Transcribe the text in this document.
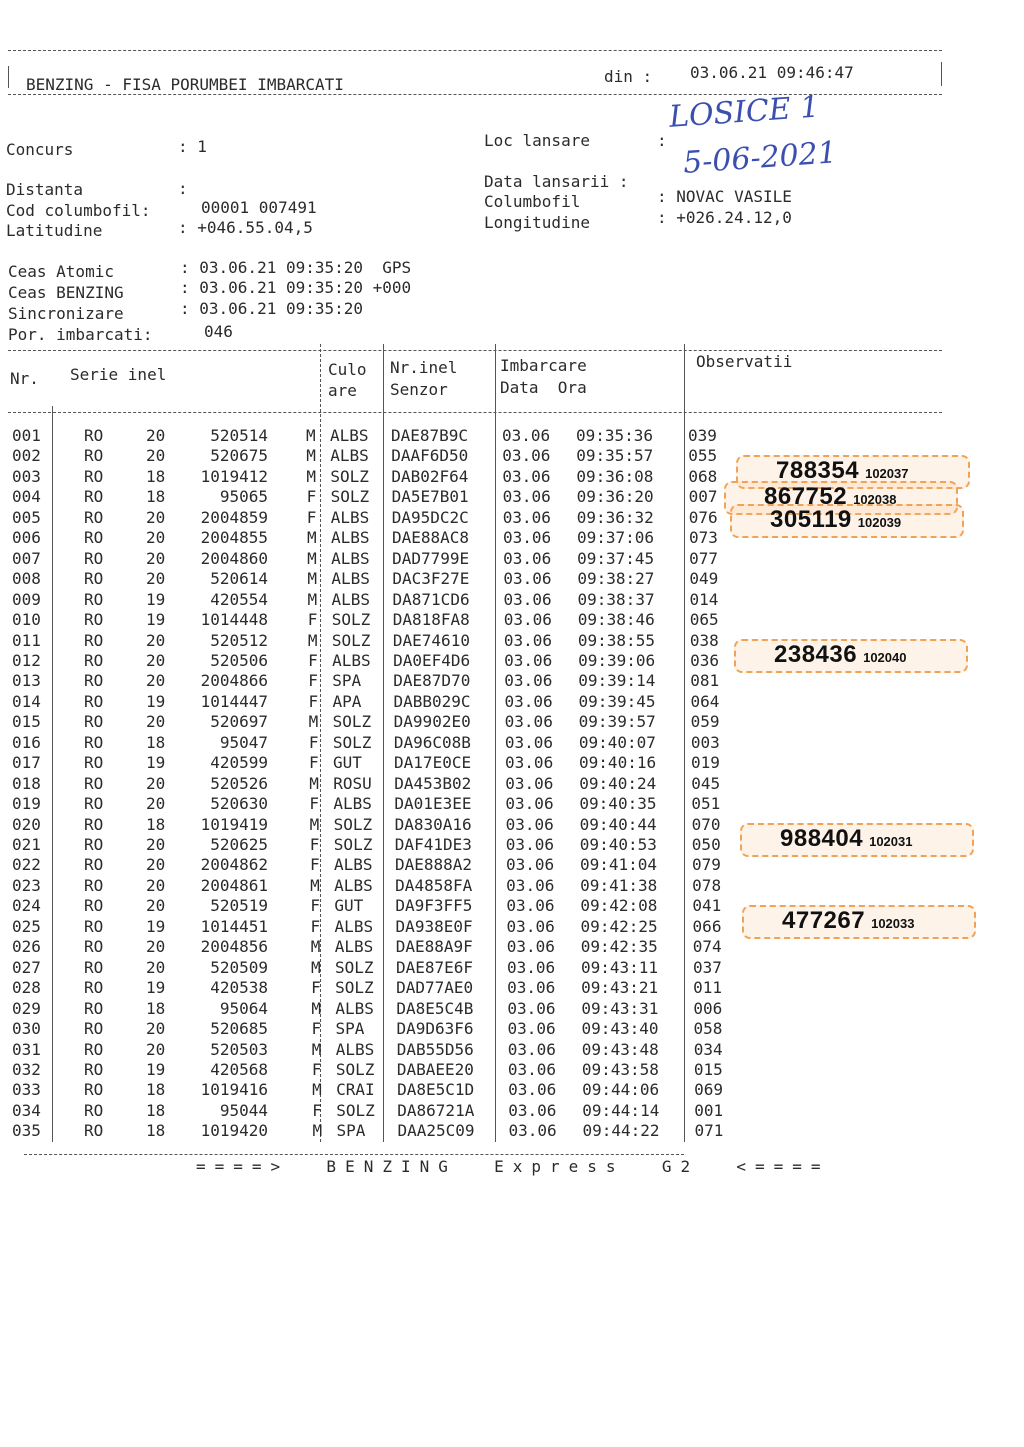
BENZING - FISA PORUMBEI IMBARCATI	din : 03.06.21 09:46:47
Concurs	: 1	Loc lansare	:
LOSICE 1
5-06-2021
Distanta	:	Data lansarii :
Cod columbofil:	00001 007491	Columbofil	: NOVAC VASILE
Latitudine	: +046.55.04,5	Longitudine	: +026.24.12,0
Ceas Atomic	: 03.06.21 09:35:20  GPS
Ceas BENZING	: 03.06.21 09:35:20 +000
Sincronizare	: 03.06.21 09:35:20
Por. imbarcati:	046
Nr. Serie inel	Culo
are
Nr.inel
Senzor
Imbarcare
Data  Ora
Observatii
001	RO	20	520514 M ALBS DAE87B9C 03.06 09:35:36 039
002	RO	20	520675 M ALBS DAAF6D50 03.06 09:35:57 055
003	RO	18	1019412 M SOLZ DAB02F64 03.06 09:36:08 068
004	RO	18	95065 F SOLZ DA5E7B01 03.06 09:36:20 007
005	RO	20	2004859 F ALBS DA95DC2C 03.06 09:36:32 076
006	RO	20	2004855 M ALBS DAE88AC8 03.06 09:37:06 073
007	RO	20	2004860 M ALBS DAD7799E 03.06 09:37:45 077
008	RO	20	520614 M ALBS DAC3F27E 03.06 09:38:27 049
009	RO	19	420554 M ALBS DA871CD6 03.06 09:38:37 014
010	RO	19	1014448 F SOLZ DA818FA8 03.06 09:38:46 065
011	RO	20	520512 M SOLZ DAE74610 03.06 09:38:55 038
012	RO	20	520506	F ALBS DA0EF4D6 03.06 09:39:06 036
013	RO	20	2004866	F SPA DAE87D70 03.06 09:39:14 081
014	RO	19	1014447	F APA DABB029C 03.06 09:39:45 064
015	RO	20	520697	M SOLZ DA9902E0 03.06 09:39:57 059
016	RO	18	95047	F SOLZ DA96C08B 03.06 09:40:07 003
017	RO	19	420599	F GUT DA17E0CE 03.06 09:40:16 019
018	RO	20	520526	M ROSU DA453B02 03.06 09:40:24 045
019	RO	20	520630	F ALBS DA01E3EE 03.06 09:40:35 051
020	RO	18	1019419	M SOLZ DA830A16 03.06 09:40:44 070
021	RO	20	520625	F SOLZ DAF41DE3 03.06 09:40:53 050
022	RO	20	2004862	F ALBS DAE888A2 03.06 09:41:04 079
023	RO	20	2004861	M ALBS DA4858FA 03.06 09:41:38 078
024	RO	20	520519	F GUT DA9F3FF5 03.06 09:42:08 041
025	RO	19	1014451	F ALBS DA938E0F 03.06 09:42:25 066
026	RO	20	2004856	M ALBS DAE88A9F 03.06 09:42:35 074
027	RO	20	520509	M SOLZ DAE87E6F 03.06 09:43:11 037
028	RO	19	420538	F SOLZ DAD77AE0 03.06 09:43:21 011
029	RO	18	95064	M ALBS DA8E5C4B 03.06 09:43:31 006
030	RO	20	520685	F SPA DA9D63F6 03.06 09:43:40 058
031	RO	20	520503	M ALBS DAB55D56 03.06 09:43:48 034
032	RO	19	420568	F SOLZ DABAEE20 03.06 09:43:58 015
033	RO	18	1019416	M CRAI DA8E5C1D 03.06 09:44:06 069
034	RO	18	95044	F SOLZ DA86721A 03.06 09:44:14 001
035	RO	18	1019420	M SPA DAA25C09 03.06 09:44:22 071
====>  BENZING  Express  G2  <====
788354 102037
867752 102038
305119 102039
238436 102040
988404 102031
477267 102033
